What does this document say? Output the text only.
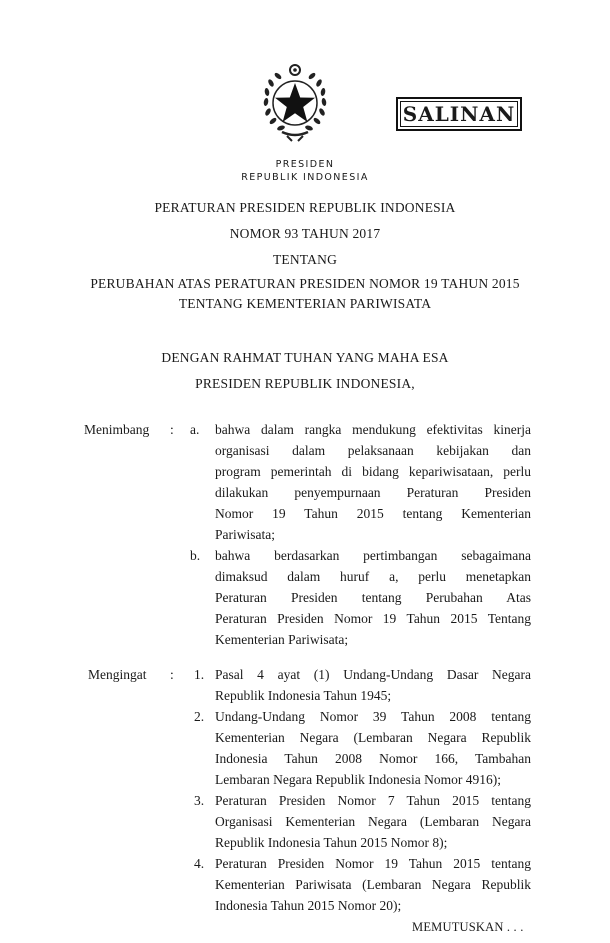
SALINAN
PRESIDEN
REPUBLIK INDONESIA
PERATURAN PRESIDEN REPUBLIK INDONESIA
NOMOR 93 TAHUN 2017
TENTANG
PERUBAHAN ATAS PERATURAN PRESIDEN NOMOR 19 TAHUN 2015
TENTANG KEMENTERIAN PARIWISATA
DENGAN RAHMAT TUHAN YANG MAHA ESA
PRESIDEN REPUBLIK INDONESIA,
Menimbang : a. bahwa dalam rangka mendukung efektivitas kinerja
organisasi dalam pelaksanaan kebijakan dan
program pemerintah di bidang kepariwisataan, perlu
dilakukan penyempurnaan Peraturan Presiden
Nomor 19 Tahun 2015 tentang Kementerian
Pariwisata;
b. bahwa berdasarkan pertimbangan sebagaimana
dimaksud dalam huruf a, perlu menetapkan
Peraturan Presiden tentang Perubahan Atas
Peraturan Presiden Nomor 19 Tahun 2015 Tentang
Kementerian Pariwisata;
Mengingat : 1. Pasal 4 ayat (1) Undang-Undang Dasar Negara
Republik Indonesia Tahun 1945;
2. Undang-Undang Nomor 39 Tahun 2008 tentang
Kementerian Negara (Lembaran Negara Republik
Indonesia Tahun 2008 Nomor 166, Tambahan
Lembaran Negara Republik Indonesia Nomor 4916);
3. Peraturan Presiden Nomor 7 Tahun 2015 tentang
Organisasi Kementerian Negara (Lembaran Negara
Republik Indonesia Tahun 2015 Nomor 8);
4. Peraturan Presiden Nomor 19 Tahun 2015 tentang
Kementerian Pariwisata (Lembaran Negara Republik
Indonesia Tahun 2015 Nomor 20);
MEMUTUSKAN . . .
